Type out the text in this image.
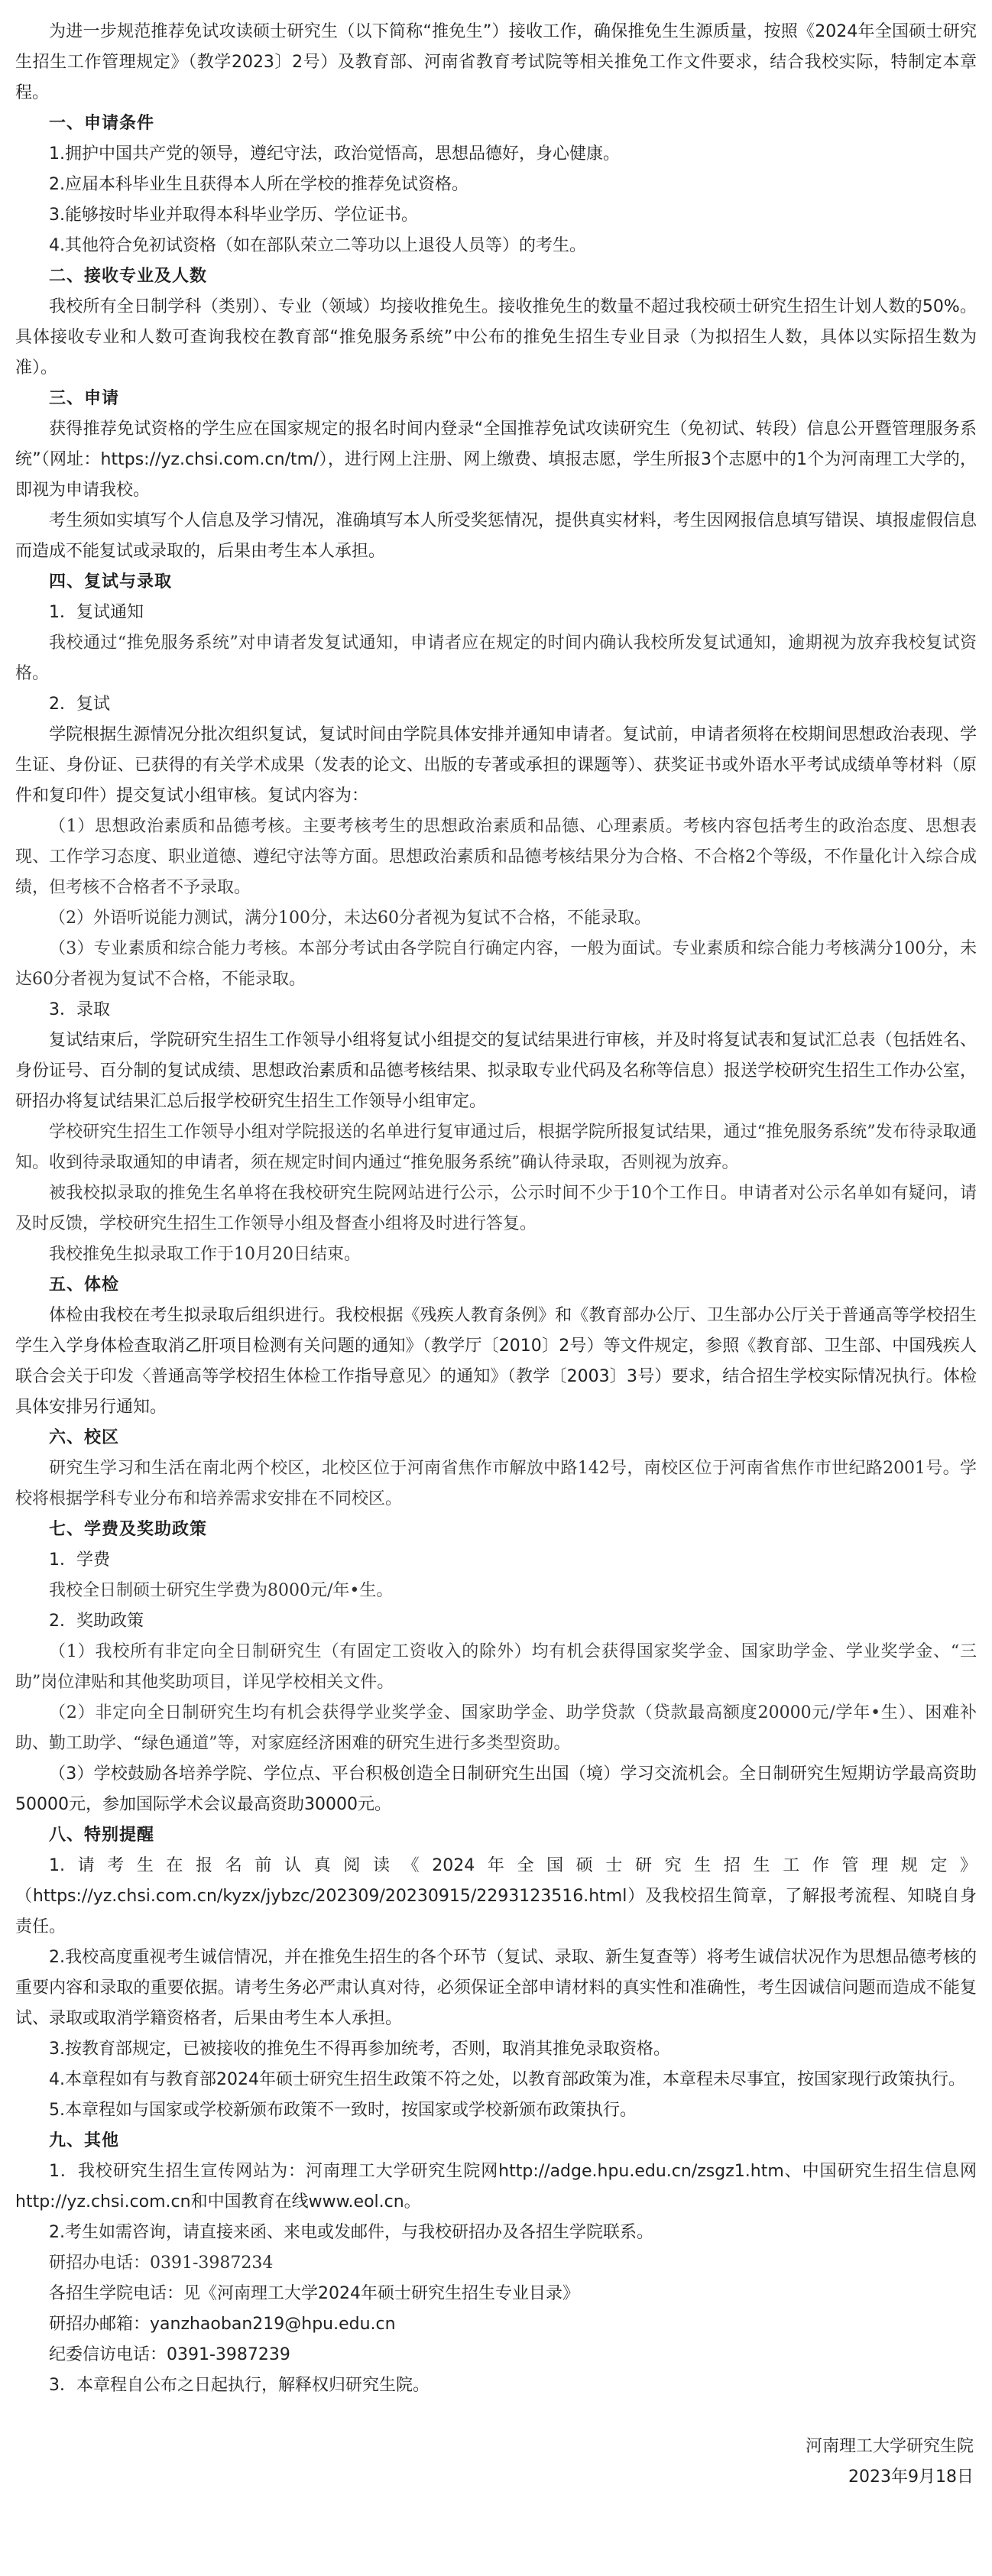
为进一步规范推荐免试攻读硕士研究生（以下简称“推免生”）接收工作，确保推免生生源质量，按照《2024年全国硕士研究生招生工作管理规定》（教学2023〕2号）及教育部、河南省教育考试院等相关推免工作文件要求，结合我校实际，特制定本章程。

一、申请条件

1.拥护中国共产党的领导，遵纪守法，政治觉悟高，思想品德好，身心健康。

2.应届本科毕业生且获得本人所在学校的推荐免试资格。

3.能够按时毕业并取得本科毕业学历、学位证书。

4.其他符合免初试资格（如在部队荣立二等功以上退役人员等）的考生。

二、接收专业及人数

我校所有全日制学科（类别）、专业（领域）均接收推免生。接收推免生的数量不超过我校硕士研究生招生计划人数的50%。具体接收专业和人数可查询我校在教育部“推免服务系统”中公布的推免生招生专业目录（为拟招生人数，具体以实际招生数为准）。

三、申请

获得推荐免试资格的学生应在国家规定的报名时间内登录“全国推荐免试攻读研究生（免初试、转段）信息公开暨管理服务系统”（网址：https://yz.chsi.com.cn/tm/），进行网上注册、网上缴费、填报志愿，学生所报3个志愿中的1个为河南理工大学的，即视为申请我校。

考生须如实填写个人信息及学习情况，准确填写本人所受奖惩情况，提供真实材料，考生因网报信息填写错误、填报虚假信息而造成不能复试或录取的，后果由考生本人承担。

四、复试与录取

1．复试通知

我校通过“推免服务系统”对申请者发复试通知，申请者应在规定的时间内确认我校所发复试通知，逾期视为放弃我校复试资格。

2．复试

学院根据生源情况分批次组织复试，复试时间由学院具体安排并通知申请者。复试前，申请者须将在校期间思想政治表现、学生证、身份证、已获得的有关学术成果（发表的论文、出版的专著或承担的课题等）、获奖证书或外语水平考试成绩单等材料（原件和复印件）提交复试小组审核。复试内容为：

（1）思想政治素质和品德考核。主要考核考生的思想政治素质和品德、心理素质。考核内容包括考生的政治态度、思想表现、工作学习态度、职业道德、遵纪守法等方面。思想政治素质和品德考核结果分为合格、不合格2个等级，不作量化计入综合成绩，但考核不合格者不予录取。

（2）外语听说能力测试，满分100分，未达60分者视为复试不合格，不能录取。

（3）专业素质和综合能力考核。本部分考试由各学院自行确定内容，一般为面试。专业素质和综合能力考核满分100分，未达60分者视为复试不合格，不能录取。

3．录取

复试结束后，学院研究生招生工作领导小组将复试小组提交的复试结果进行审核，并及时将复试表和复试汇总表（包括姓名、身份证号、百分制的复试成绩、思想政治素质和品德考核结果、拟录取专业代码及名称等信息）报送学校研究生招生工作办公室，研招办将复试结果汇总后报学校研究生招生工作领导小组审定。

学校研究生招生工作领导小组对学院报送的名单进行复审通过后，根据学院所报复试结果，通过“推免服务系统”发布待录取通知。收到待录取通知的申请者，须在规定时间内通过“推免服务系统”确认待录取，否则视为放弃。

被我校拟录取的推免生名单将在我校研究生院网站进行公示，公示时间不少于10个工作日。申请者对公示名单如有疑问，请及时反馈，学校研究生招生工作领导小组及督查小组将及时进行答复。

我校推免生拟录取工作于10月20日结束。

五、体检

体检由我校在考生拟录取后组织进行。我校根据《残疾人教育条例》和《教育部办公厅、卫生部办公厅关于普通高等学校招生学生入学身体检查取消乙肝项目检测有关问题的通知》（教学厅〔2010〕2号）等文件规定，参照《教育部、卫生部、中国残疾人联合会关于印发〈普通高等学校招生体检工作指导意见〉的通知》（教学〔2003〕3号）要求，结合招生学校实际情况执行。体检具体安排另行通知。

六、校区

研究生学习和生活在南北两个校区，北校区位于河南省焦作市解放中路142号，南校区位于河南省焦作市世纪路2001号。学校将根据学科专业分布和培养需求安排在不同校区。

七、学费及奖助政策

1．学费

我校全日制硕士研究生学费为8000元/年•生。

2．奖助政策

（1）我校所有非定向全日制研究生（有固定工资收入的除外）均有机会获得国家奖学金、国家助学金、学业奖学金、“三助”岗位津贴和其他奖助项目，详见学校相关文件。

（2）非定向全日制研究生均有机会获得学业奖学金、国家助学金、助学贷款（贷款最高额度20000元/学年•生）、困难补助、勤工助学、“绿色通道”等，对家庭经济困难的研究生进行多类型资助。

（3）学校鼓励各培养学院、学位点、平台积极创造全日制研究生出国（境）学习交流机会。全日制研究生短期访学最高资助50000元，参加国际学术会议最高资助30000元。

八、特别提醒

1.请考生在报名前认真阅读《2024年全国硕士研究生招生工作管理规定》（https://yz.chsi.com.cn/kyzx/jybzc/202309/20230915/2293123516.html）及我校招生简章，了解报考流程、知晓自身责任。

2.我校高度重视考生诚信情况，并在推免生招生的各个环节（复试、录取、新生复查等）将考生诚信状况作为思想品德考核的重要内容和录取的重要依据。请考生务必严肃认真对待，必须保证全部申请材料的真实性和准确性，考生因诚信问题而造成不能复试、录取或取消学籍资格者，后果由考生本人承担。

3.按教育部规定，已被接收的推免生不得再参加统考，否则，取消其推免录取资格。

4.本章程如有与教育部2024年硕士研究生招生政策不符之处，以教育部政策为准，本章程未尽事宜，按国家现行政策执行。

5.本章程如与国家或学校新颁布政策不一致时，按国家或学校新颁布政策执行。

九、其他

1．我校研究生招生宣传网站为：河南理工大学研究生院网http://adge.hpu.edu.cn/zsgz1.htm、中国研究生招生信息网http://yz.chsi.com.cn和中国教育在线www.eol.cn。

2.考生如需咨询，请直接来函、来电或发邮件，与我校研招办及各招生学院联系。

研招办电话：0391-3987234

各招生学院电话：见《河南理工大学2024年硕士研究生招生专业目录》

研招办邮箱：yanzhaoban219@hpu.edu.cn

纪委信访电话：0391-3987239

3．本章程自公布之日起执行，解释权归研究生院。

河南理工大学研究生院

2023年9月18日
